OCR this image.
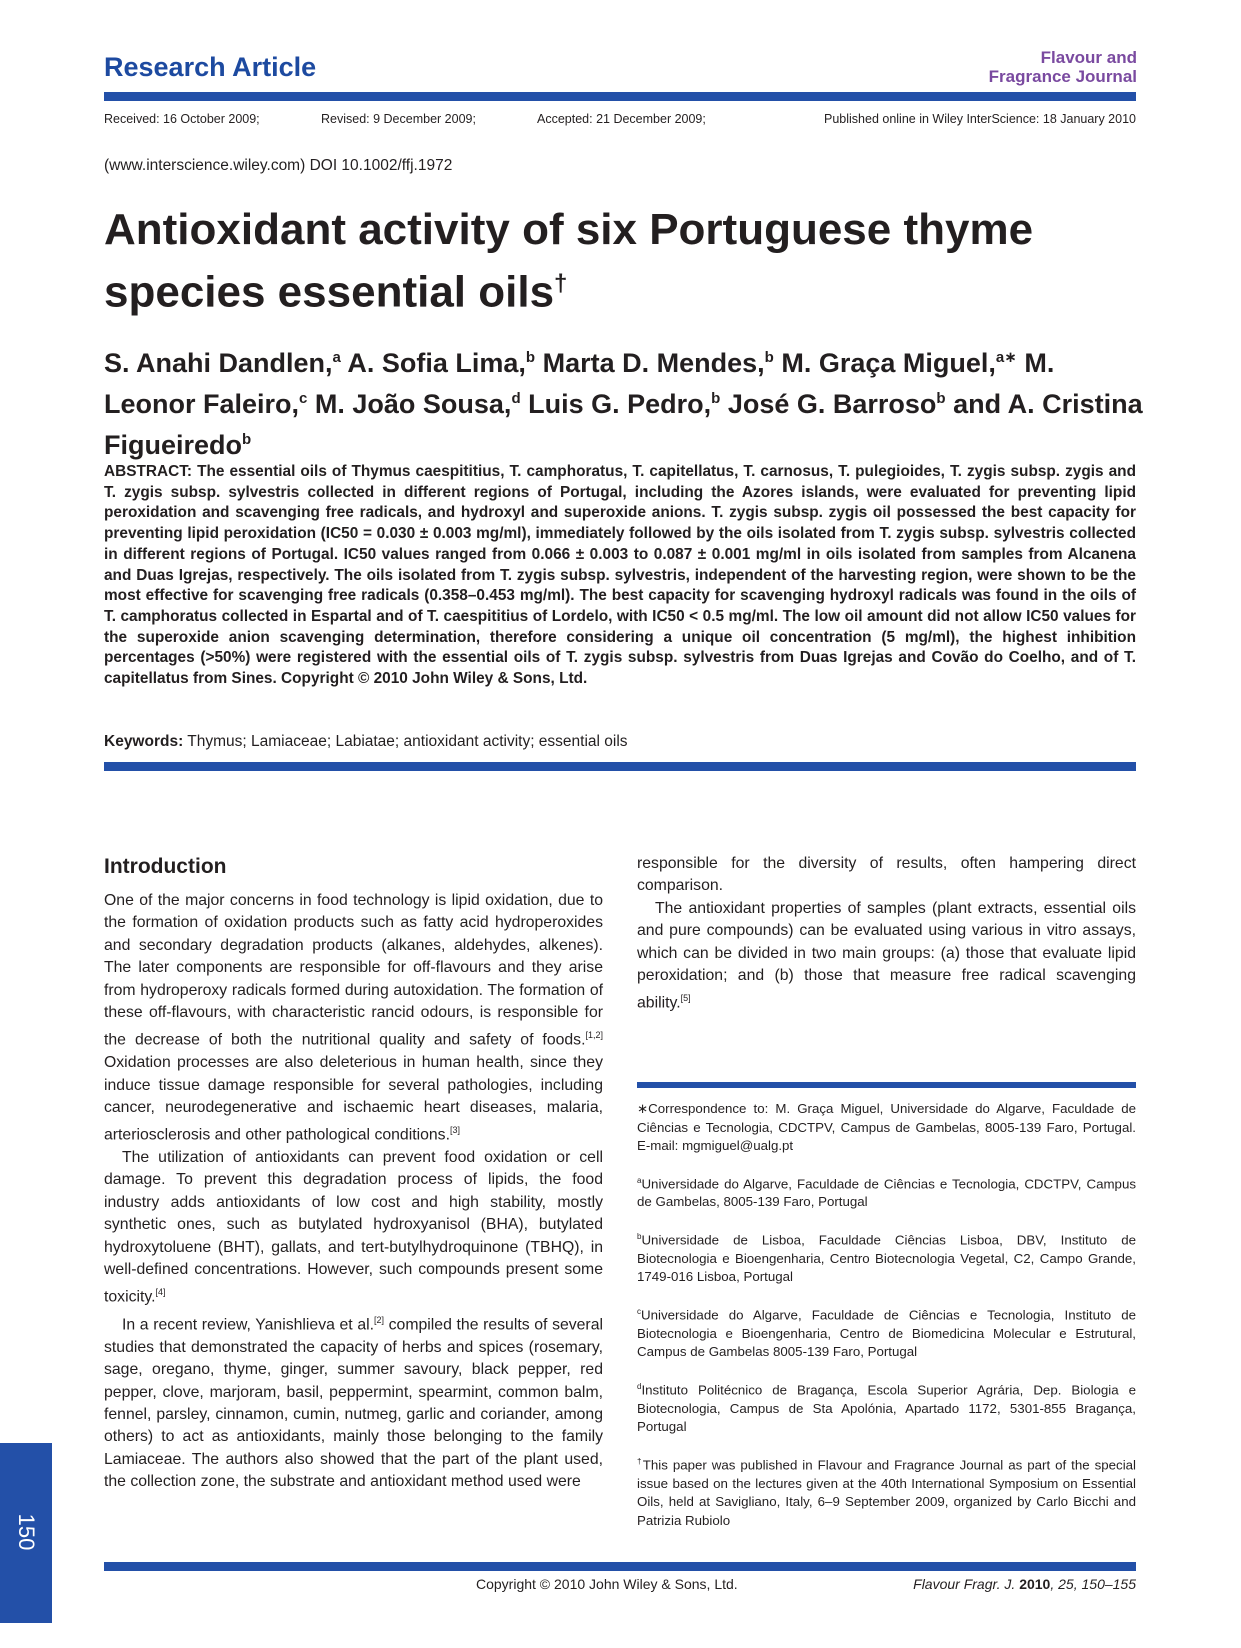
Research Article	Flavour and
Fragrance Journal
Received: 16 October 2009;	Revised: 9 December 2009;	Accepted: 21 December 2009;	Published online in Wiley InterScience: 18 January 2010
(www.interscience.wiley.com) DOI 10.1002/ffj.1972
Antioxidant activity of six Portuguese thyme
species essential oils†
S. Anahi Dandlen,$^a$ A. Sofia Lima,$^b$ Marta D. Mendes,$^b$ M. Graça Miguel,$^{a∗}$ M. Leonor Faleiro,$^c$ M. João Sousa,$^d$ Luis G. Pedro,$^b$ José G. Barroso$^b$ and A. Cristina Figueiredo$^b$
ABSTRACT: The essential oils of Thymus caespititius, T. camphoratus, T. capitellatus, T. carnosus, T. pulegioides, T. zygis subsp. zygis and T. zygis subsp. sylvestris collected in different regions of Portugal, including the Azores islands, were evaluated for preventing lipid peroxidation and scavenging free radicals, and hydroxyl and superoxide anions. T. zygis subsp. zygis oil possessed the best capacity for preventing lipid peroxidation (IC50 = 0.030 ± 0.003 mg/ml), immediately followed by the oils isolated from T. zygis subsp. sylvestris collected in different regions of Portugal. IC50 values ranged from 0.066 ± 0.003 to 0.087 ± 0.001 mg/ml in oils isolated from samples from Alcanena and Duas Igrejas, respectively. The oils isolated from T. zygis subsp. sylvestris, independent of the harvesting region, were shown to be the most effective for scavenging free radicals (0.358–0.453 mg/ml). The best capacity for scavenging hydroxyl radicals was found in the oils of T. camphoratus collected in Espartal and of T. caespititius of Lordelo, with IC50 < 0.5 mg/ml. The low oil amount did not allow IC50 values for the superoxide anion scavenging determination, therefore considering a unique oil concentration (5 mg/ml), the highest inhibition percentages (>50%) were registered with the essential oils of T. zygis subsp. sylvestris from Duas Igrejas and Covão do Coelho, and of T. capitellatus from Sines. Copyright © 2010 John Wiley & Sons, Ltd.
Keywords: Thymus; Lamiaceae; Labiatae; antioxidant activity; essential oils
Introduction

One of the major concerns in food technology is lipid oxidation, due to the formation of oxidation products such as fatty acid hydroperoxides and secondary degradation products (alkanes, aldehydes, alkenes). The later components are responsible for off-flavours and they arise from hydroperoxy radicals formed during autoxidation. The formation of these off-flavours, with characteristic rancid odours, is responsible for the decrease of both the nutritional quality and safety of foods.[1,2] Oxidation processes are also deleterious in human health, since they induce tissue damage responsible for several pathologies, including cancer, neurodegenerative and ischaemic heart diseases, malaria, arteriosclerosis and other pathological conditions.[3]

The utilization of antioxidants can prevent food oxidation or cell damage. To prevent this degradation process of lipids, the food industry adds antioxidants of low cost and high stability, mostly synthetic ones, such as butylated hydroxyanisol (BHA), butylated hydroxytoluene (BHT), gallats, and tert-butylhydroquinone (TBHQ), in well-defined concentrations. However, such compounds present some toxicity.[4]

In a recent review, Yanishlieva et al.[2] compiled the results of several studies that demonstrated the capacity of herbs and spices (rosemary, sage, oregano, thyme, ginger, summer savoury, black pepper, red pepper, clove, marjoram, basil, peppermint, spearmint, common balm, fennel, parsley, cinnamon, cumin, nutmeg, garlic and coriander, among others) to act as antioxidants, mainly those belonging to the family Lamiaceae. The authors also showed that the part of the plant used, the collection zone, the substrate and antioxidant method used were

responsible for the diversity of results, often hampering direct comparison.

The antioxidant properties of samples (plant extracts, essential oils and pure compounds) can be evaluated using various in vitro assays, which can be divided in two main groups: (a) those that evaluate lipid peroxidation; and (b) those that measure free radical scavenging ability.[5]

∗Correspondence to: M. Graça Miguel, Universidade do Algarve, Faculdade de Ciências e Tecnologia, CDCTPV, Campus de Gambelas, 8005-139 Faro, Portugal. E-mail: mgmiguel@ualg.pt

$^a$Universidade do Algarve, Faculdade de Ciências e Tecnologia, CDCTPV, Campus de Gambelas, 8005-139 Faro, Portugal

$^b$Universidade de Lisboa, Faculdade Ciências Lisboa, DBV, Instituto de Biotecnologia e Bioengenharia, Centro Biotecnologia Vegetal, C2, Campo Grande, 1749-016 Lisboa, Portugal

$^c$Universidade do Algarve, Faculdade de Ciências e Tecnologia, Instituto de Biotecnologia e Bioengenharia, Centro de Biomedicina Molecular e Estrutural, Campus de Gambelas 8005-139 Faro, Portugal

$^d$Instituto Politécnico de Bragança, Escola Superior Agrária, Dep. Biologia e Biotecnologia, Campus de Sta Apolónia, Apartado 1172, 5301-855 Bragança, Portugal

†This paper was published in Flavour and Fragrance Journal as part of the special issue based on the lectures given at the 40th International Symposium on Essential Oils, held at Savigliano, Italy, 6–9 September 2009, organized by Carlo Bicchi and Patrizia Rubiolo

Copyright © 2010 John Wiley & Sons, Ltd.	Flavour Fragr. J. 2010, 25, 150–155
150
